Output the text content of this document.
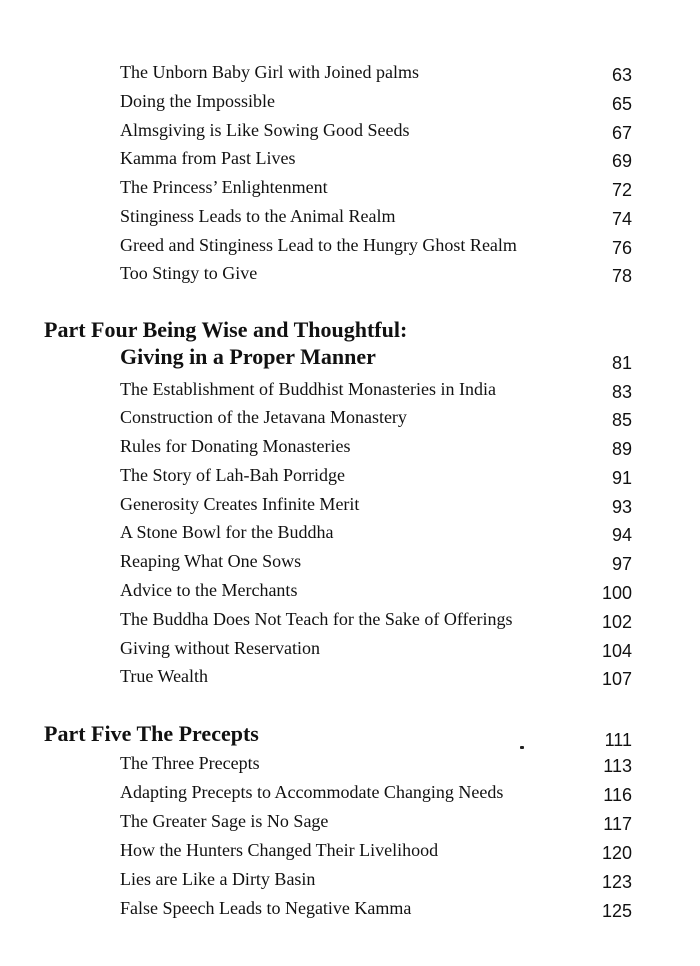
The Unborn Baby Girl with Joined palms	63
Doing the Impossible	65
Almsgiving is Like Sowing Good Seeds	67
Kamma from Past Lives	69
The Princess’ Enlightenment	72
Stinginess Leads to the Animal Realm	74
Greed and Stinginess Lead to the Hungry Ghost Realm	76
Too Stingy to Give	78
Part Four Being Wise and Thoughtful:
Giving in a Proper Manner	81
The Establishment of Buddhist Monasteries in India	83
Construction of the Jetavana Monastery	85
Rules for Donating Monasteries	89
The Story of Lah-Bah Porridge	91
Generosity Creates Infinite Merit	93
A Stone Bowl for the Buddha	94
Reaping What One Sows	97
Advice to the Merchants	100
The Buddha Does Not Teach for the Sake of Offerings	102
Giving without Reservation	104
True Wealth	107
Part Five The Precepts	111
The Three Precepts	113
Adapting Precepts to Accommodate Changing Needs	116
The Greater Sage is No Sage	117
How the Hunters Changed Their Livelihood	120
Lies are Like a Dirty Basin	123
False Speech Leads to Negative Kamma	125
